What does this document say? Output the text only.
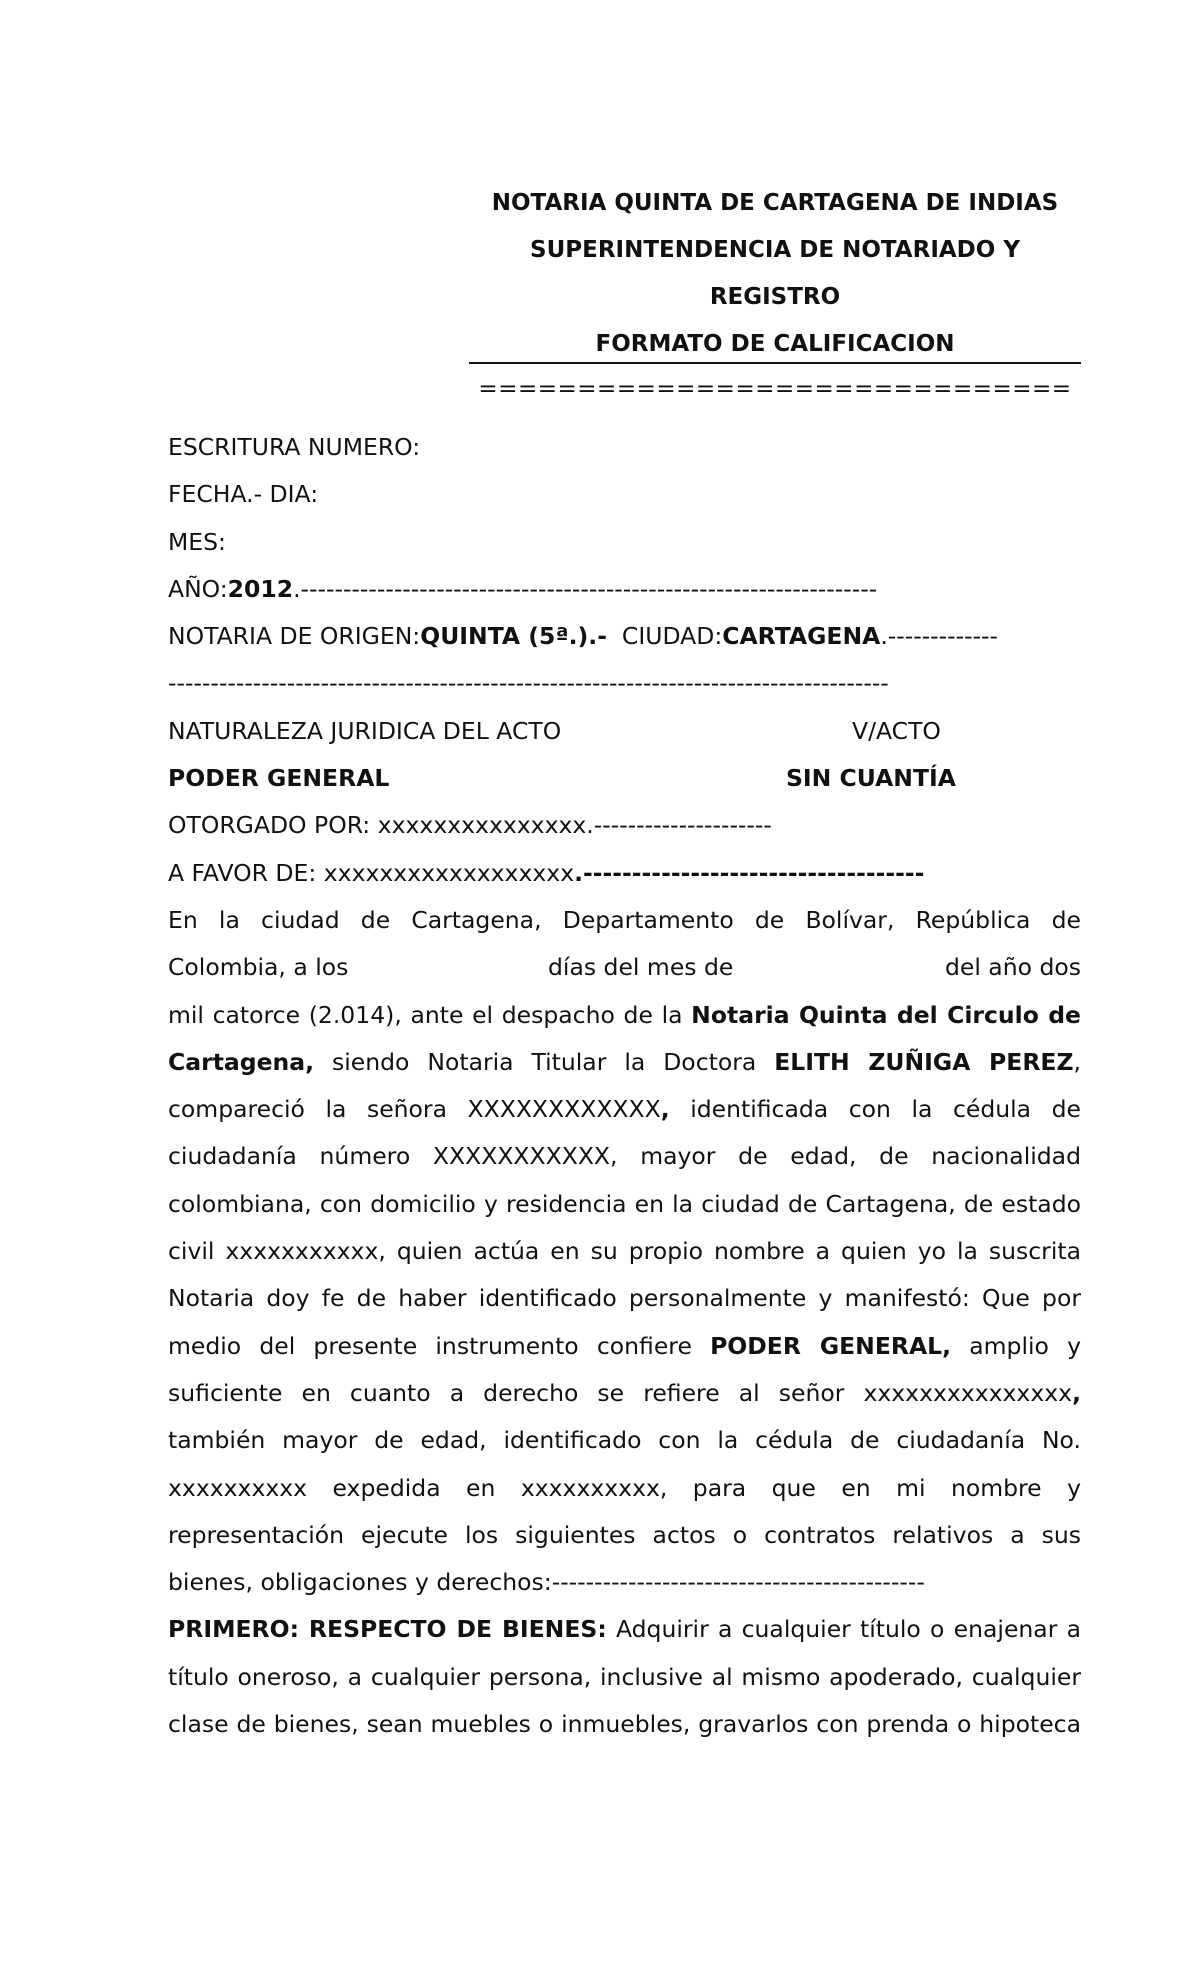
NOTARIA QUINTA DE CARTAGENA DE INDIAS
SUPERINTENDENCIA DE NOTARIADO Y
REGISTRO
FORMATO DE CALIFICACION
==============================
ESCRITURA NUMERO:
FECHA.- DIA:
MES:
AÑO: 2012 .--------------------------------------------------------------------
NOTARIA DE ORIGEN: QUINTA (5ª.).-
CIUDAD: CARTAGENA .-------------
-------------------------------------------------------------------------------------
NATURALEZA JURIDICA DEL ACTO	V/ACTO
PODER GENERAL	SIN CUANTÍA
OTORGADO POR: xxxxxxxxxxxxxxx.---------------------
A FAVOR DE: xxxxxxxxxxxxxxxxxx.-----------------------------------
En la ciudad de Cartagena, Departamento de Bolívar, República de
Colombia, a los	días del mes de	del año dos
mil catorce (2.014), ante el despacho de la Notaria Quinta del Circulo de
Cartagena, siendo Notaria Titular la Doctora ELITH ZUÑIGA PEREZ,
compareció la señora XXXXXXXXXXXX, identificada con la cédula de
ciudadanía número XXXXXXXXXXX, mayor de edad, de nacionalidad
colombiana, con domicilio y residencia en la ciudad de Cartagena, de estado
civil xxxxxxxxxxx, quien actúa en su propio nombre a quien yo la suscrita
Notaria doy fe de haber identificado personalmente y manifestó: Que por
medio del presente instrumento confiere PODER GENERAL, amplio y
suficiente en cuanto a derecho se refiere al señor xxxxxxxxxxxxxxx,
también mayor de edad, identificado con la cédula de ciudadanía No.
xxxxxxxxxx expedida en xxxxxxxxxx, para que en mi nombre y
representación ejecute los siguientes actos o contratos relativos a sus
bienes, obligaciones y derechos:--------------------------------------------
PRIMERO: RESPECTO DE BIENES: Adquirir a cualquier título o enajenar a
título oneroso, a cualquier persona, inclusive al mismo apoderado, cualquier
clase de bienes, sean muebles o inmuebles, gravarlos con prenda o hipoteca
